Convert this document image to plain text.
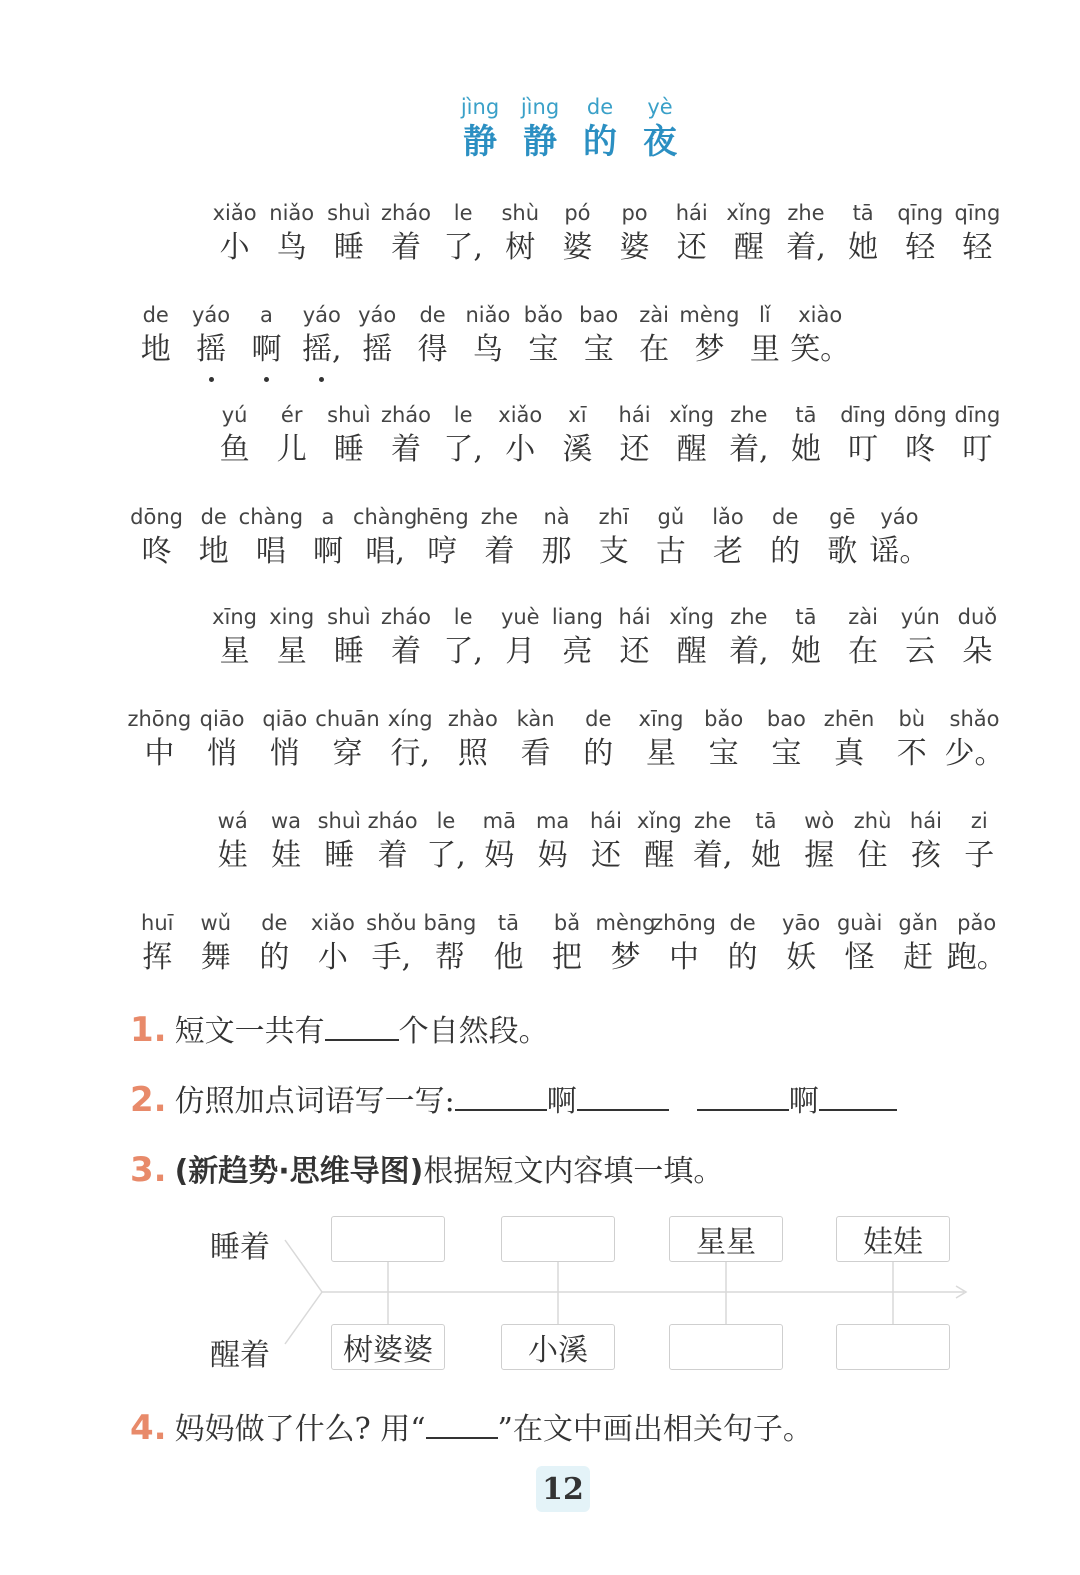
jìng	jìng	de	yè
静 静 的 夜
xiǎo
小
niǎo
鸟
shuì
睡
zháo
着
le
了,
shù
树
pó
婆
po
婆
hái
还
xǐng
醒
zhe
着,
tā
她
qīng
轻
qīng
轻
de
地
yáo
摇
a
啊
yáo
摇,
yáo
摇
de
得
niǎo
鸟
bǎo
宝
bao
宝
zài
在
mèng
梦
lǐ
里
xiào
笑。
yú
鱼
ér
儿
shuì
睡
zháo
着
le
了,
xiǎo
小
xī
溪
hái
还
xǐng
醒
zhe
着,
tā
她
dīng
叮
dōng
咚
dīng
叮
dōng
咚
de
地
chàng
唱
a
啊
chàng
唱,
hēng
哼
zhe
着
nà
那
zhī
支
gǔ
古
lǎo
老
de
的
gē
歌
yáo
谣。
xīng
星
xing
星
shuì
睡
zháo
着
le
了,
yuè
月
liang
亮
hái
还
xǐng
醒
zhe
着,
tā
她
zài
在
yún
云
duǒ
朵
zhōng
中
qiāo
悄
qiāo
悄
chuān
穿
xíng
行,
zhào
照
kàn
看
de
的
xīng
星
bǎo
宝
bao
宝
zhēn
真
bù
不
shǎo
少。
wá
娃
wa
娃
shuì
睡
zháo
着
le
了,
mā
妈
ma
妈
hái
还
xǐng
醒
zhe
着,
tā
她
wò
握
zhù
住
hái
孩
zi
子
huī
挥
wǔ
舞
de
的
xiǎo
小
shǒu
手,
bāng
帮
tā
他
bǎ
把
mèng
梦
zhōng
中
de
的
yāo
妖
guài
怪
gǎn
赶
pǎo
跑。
1. 短文一共有 个自然段。
2. 仿照加点词语写一写:	啊	啊
3. (新趋势·思维导图) 根据短文内容填一填。
睡着
醒着
星星	娃娃
树婆婆	小溪
4. 妈妈做了什么? 用“ ”在文中画出相关句子。
12
